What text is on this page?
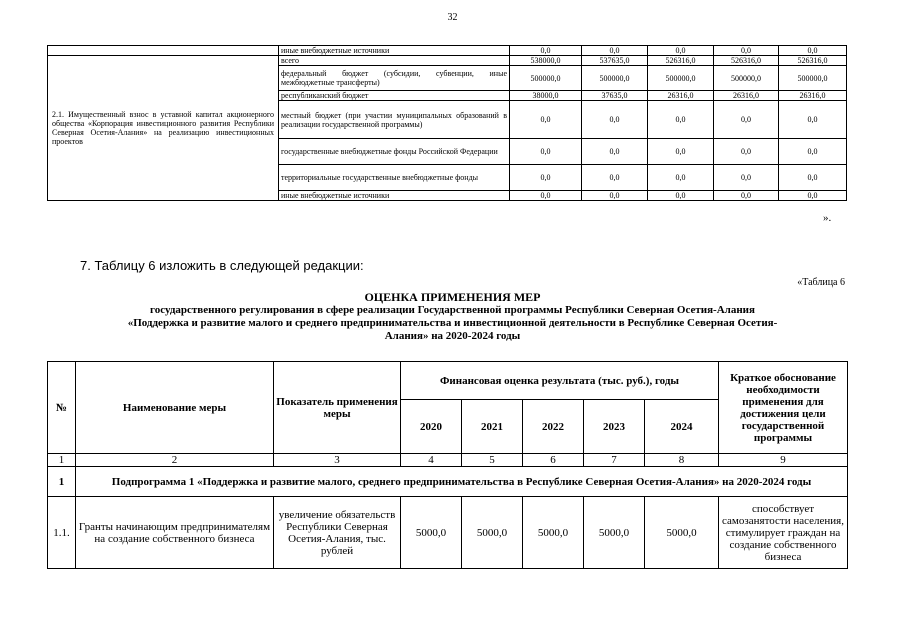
32
	иные внебюджетные источники	0,0	0,0	0,0	0,0	0,0
2.1. Имущественный взнос в уставной капитал акционерного общества «Корпорация инвестиционного развития Республики Северная Осетия-Алания» на реализацию инвестиционных проектов	всего	538000,0	537635,0	526316,0	526316,0	526316,0
	федеральный бюджет (субсидии, субвенции, иные межбюджетные трансферты)	500000,0	500000,0	500000,0	500000,0	500000,0
	республиканский бюджет	38000,0	37635,0	26316,0	26316,0	26316,0
	местный бюджет (при участии муниципальных образований в реализации государственной программы)	0,0	0,0	0,0	0,0	0,0
	государственные внебюджетные фонды Российской Федерации	0,0	0,0	0,0	0,0	0,0
	территориальные государственные внебюджетные фонды	0,0	0,0	0,0	0,0	0,0
	иные внебюджетные источники	0,0	0,0	0,0	0,0	0,0
».
7. Таблицу 6 изложить в следующей редакции:
«Таблица 6
ОЦЕНКА ПРИМЕНЕНИЯ МЕР
государственного регулирования в сфере реализации Государственной программы Республики Северная Осетия-Алания «Поддержка и развитие малого и среднего предпринимательства и инвестиционной деятельности в Республике Северная Осетия-Алания» на 2020-2024 годы
№	Наименование меры	Показатель применения меры	Финансовая оценка результата (тыс. руб.), годы					Краткое обоснование необходимости применения для достижения цели государственной программы
			2020	2021	2022	2023	2024	
1	2	3	4	5	6	7	8	9
1	Подпрограмма 1 «Поддержка и развитие малого, среднего предпринимательства в Республике Северная Осетия-Алания» на 2020-2024 годы							
1.1.	Гранты начинающим предпринимателям на создание собственного бизнеса	увеличение обязательств Республики Северная Осетия-Алания, тыс. рублей	5000,0	5000,0	5000,0	5000,0	5000,0	способствует самозанятости населения, стимулирует граждан на создание собственного бизнеса
